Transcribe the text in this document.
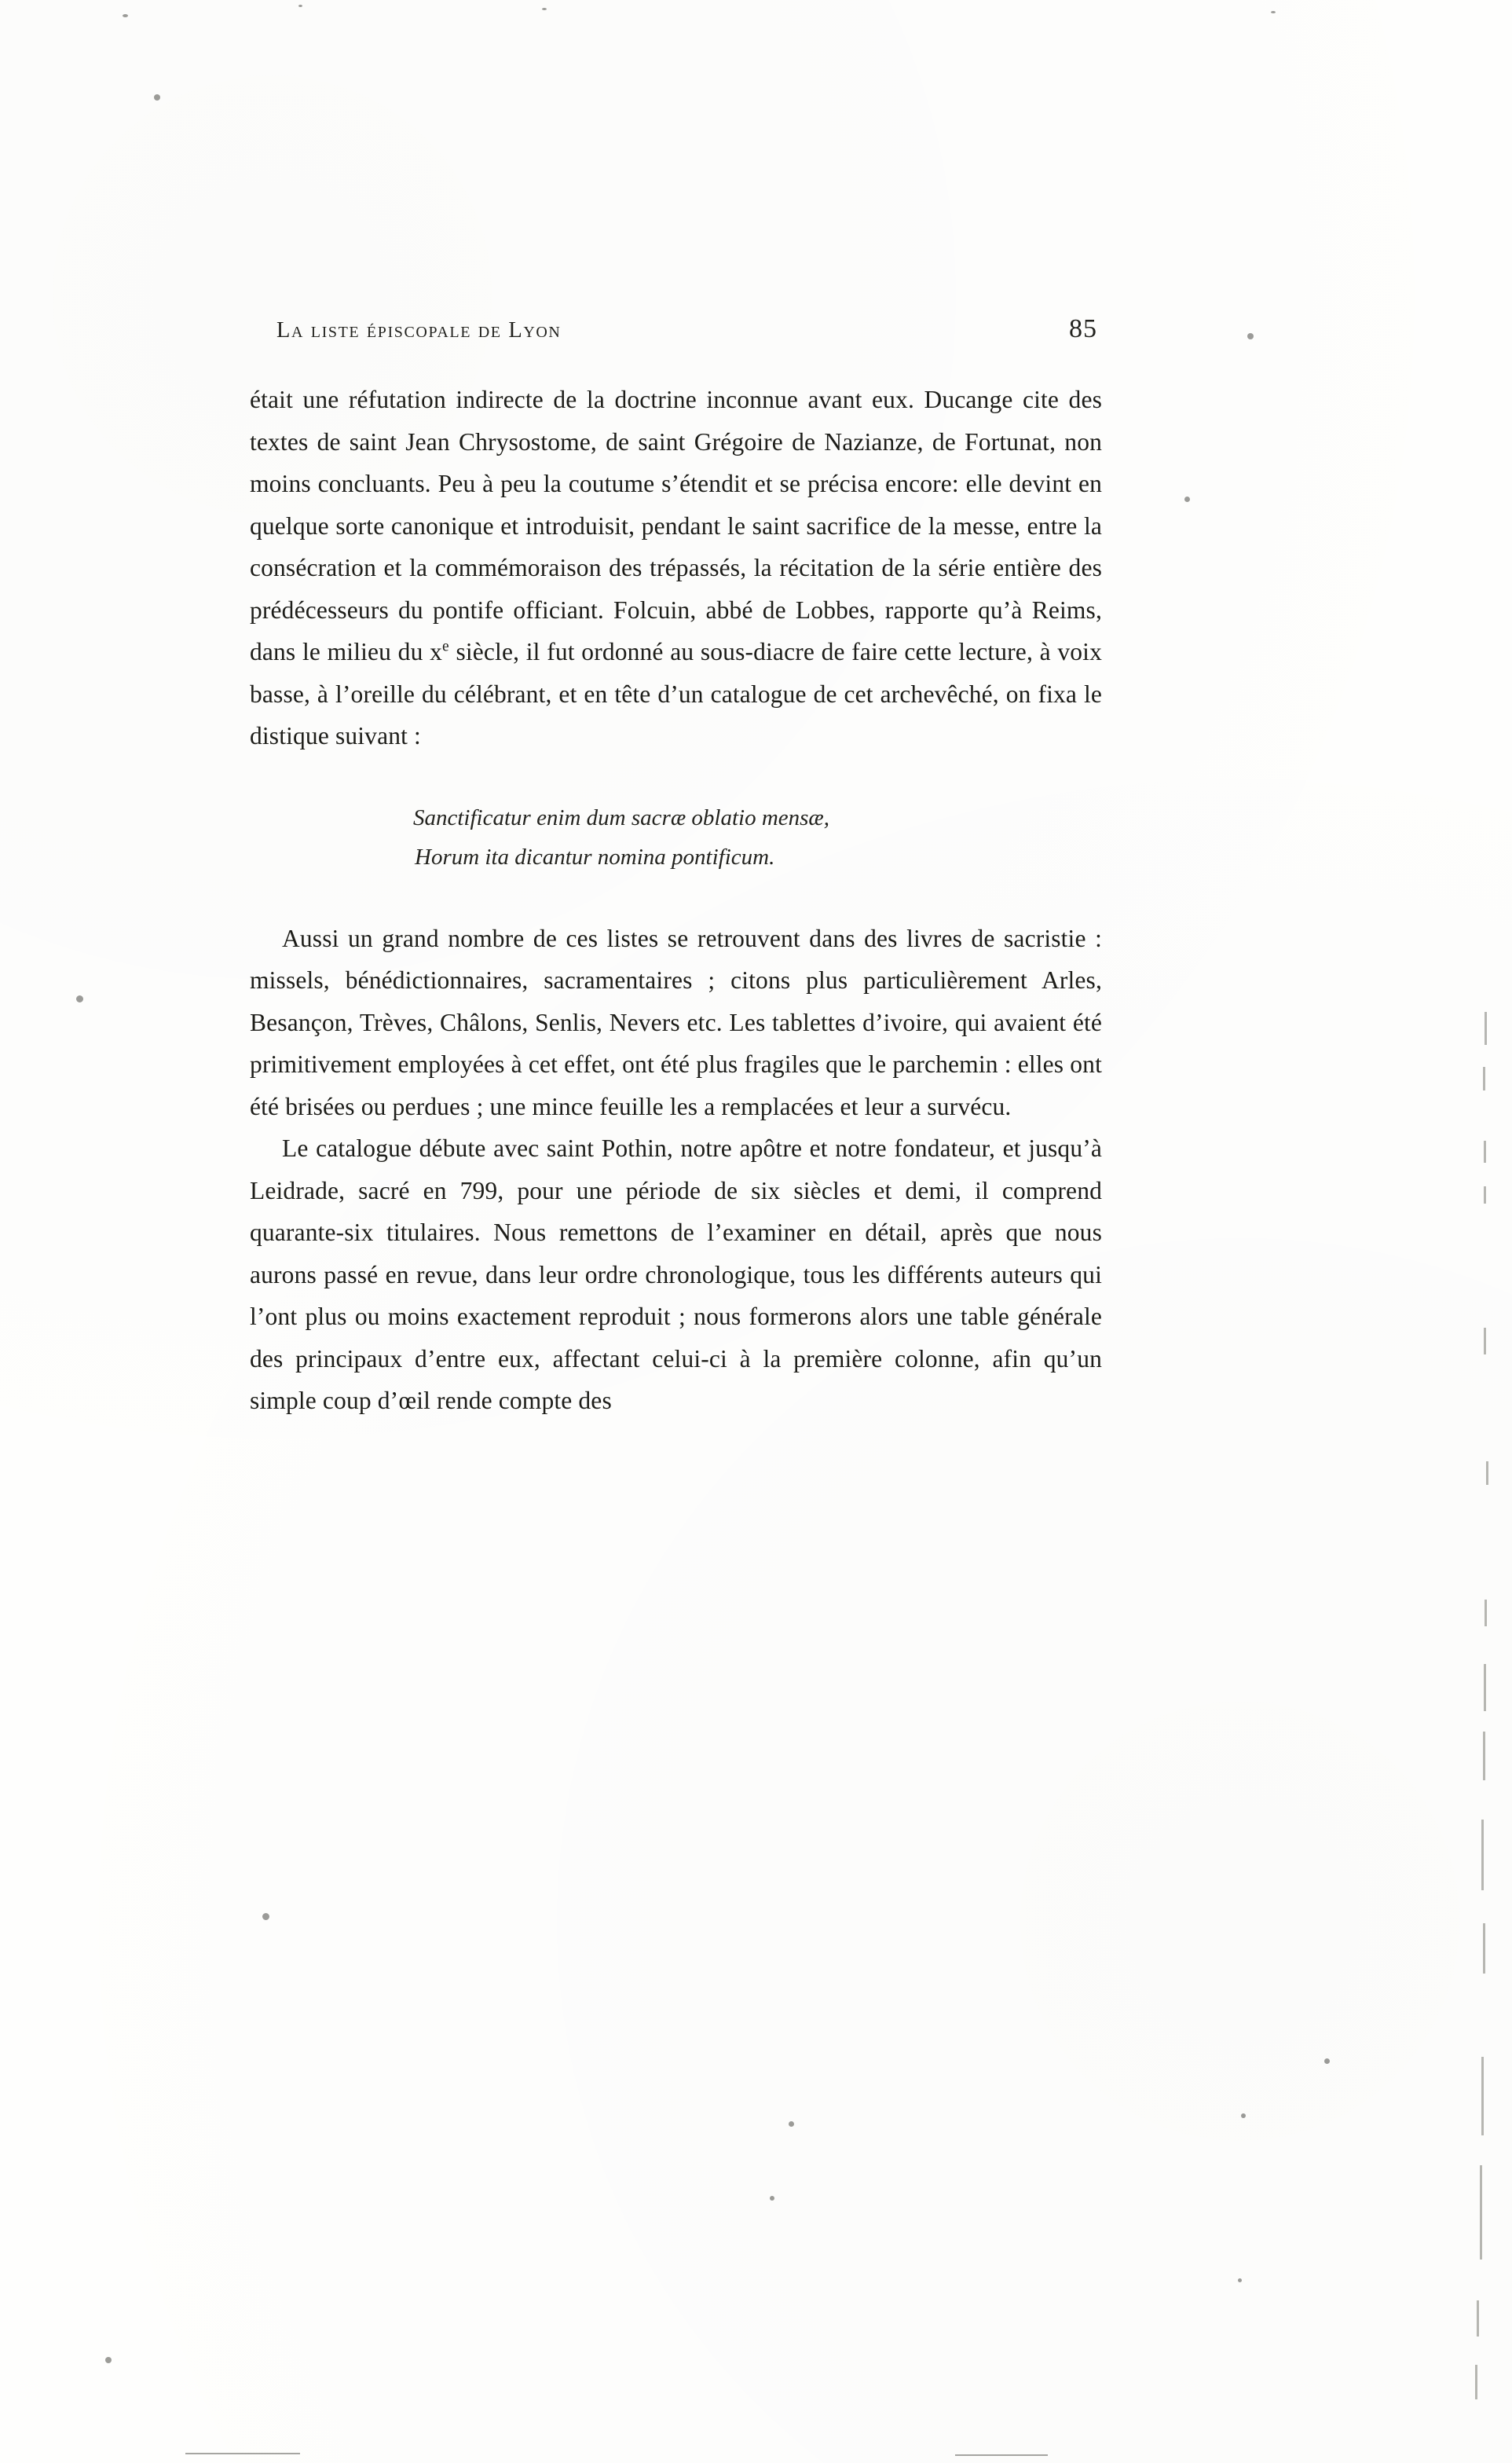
La liste épiscopale de Lyon	85

était une réfutation indirecte de la doctrine inconnue avant eux. Ducange cite des textes de saint Jean Chrysostome, de saint Grégoire de Nazianze, de Fortunat, non moins concluants. Peu à peu la coutume s’étendit et se précisa encore: elle devint en quelque sorte canonique et introduisit, pendant le saint sacrifice de la messe, entre la consécration et la commémoraison des trépassés, la récitation de la série entière des prédécesseurs du pontife officiant. Folcuin, abbé de Lobbes, rapporte qu’à Reims, dans le milieu du $x^e$ siècle, il fut ordonné au sous-diacre de faire cette lecture, à voix basse, à l’oreille du célébrant, et en tête d’un catalogue de cet archevêché, on fixa le distique suivant :

Sanctificatur enim dum sacræ oblatio mensæ,
Horum ita dicantur nomina pontificum.

Aussi un grand nombre de ces listes se retrouvent dans des livres de sacristie : missels, bénédictionnaires, sacramentaires ; citons plus particulièrement Arles, Besançon, Trèves, Châlons, Senlis, Nevers etc. Les tablettes d’ivoire, qui avaient été primitivement employées à cet effet, ont été plus fragiles que le parchemin : elles ont été brisées ou perdues ; une mince feuille les a remplacées et leur a survécu.

Le catalogue débute avec saint Pothin, notre apôtre et notre fondateur, et jusqu’à Leidrade, sacré en 799, pour une période de six siècles et demi, il comprend quarante-six titulaires. Nous remettons de l’examiner en détail, après que nous aurons passé en revue, dans leur ordre chronologique, tous les différents auteurs qui l’ont plus ou moins exactement reproduit ; nous formerons alors une table générale des principaux d’entre eux, affectant celui-ci à la première colonne, afin qu’un simple coup d’œil rende compte des
